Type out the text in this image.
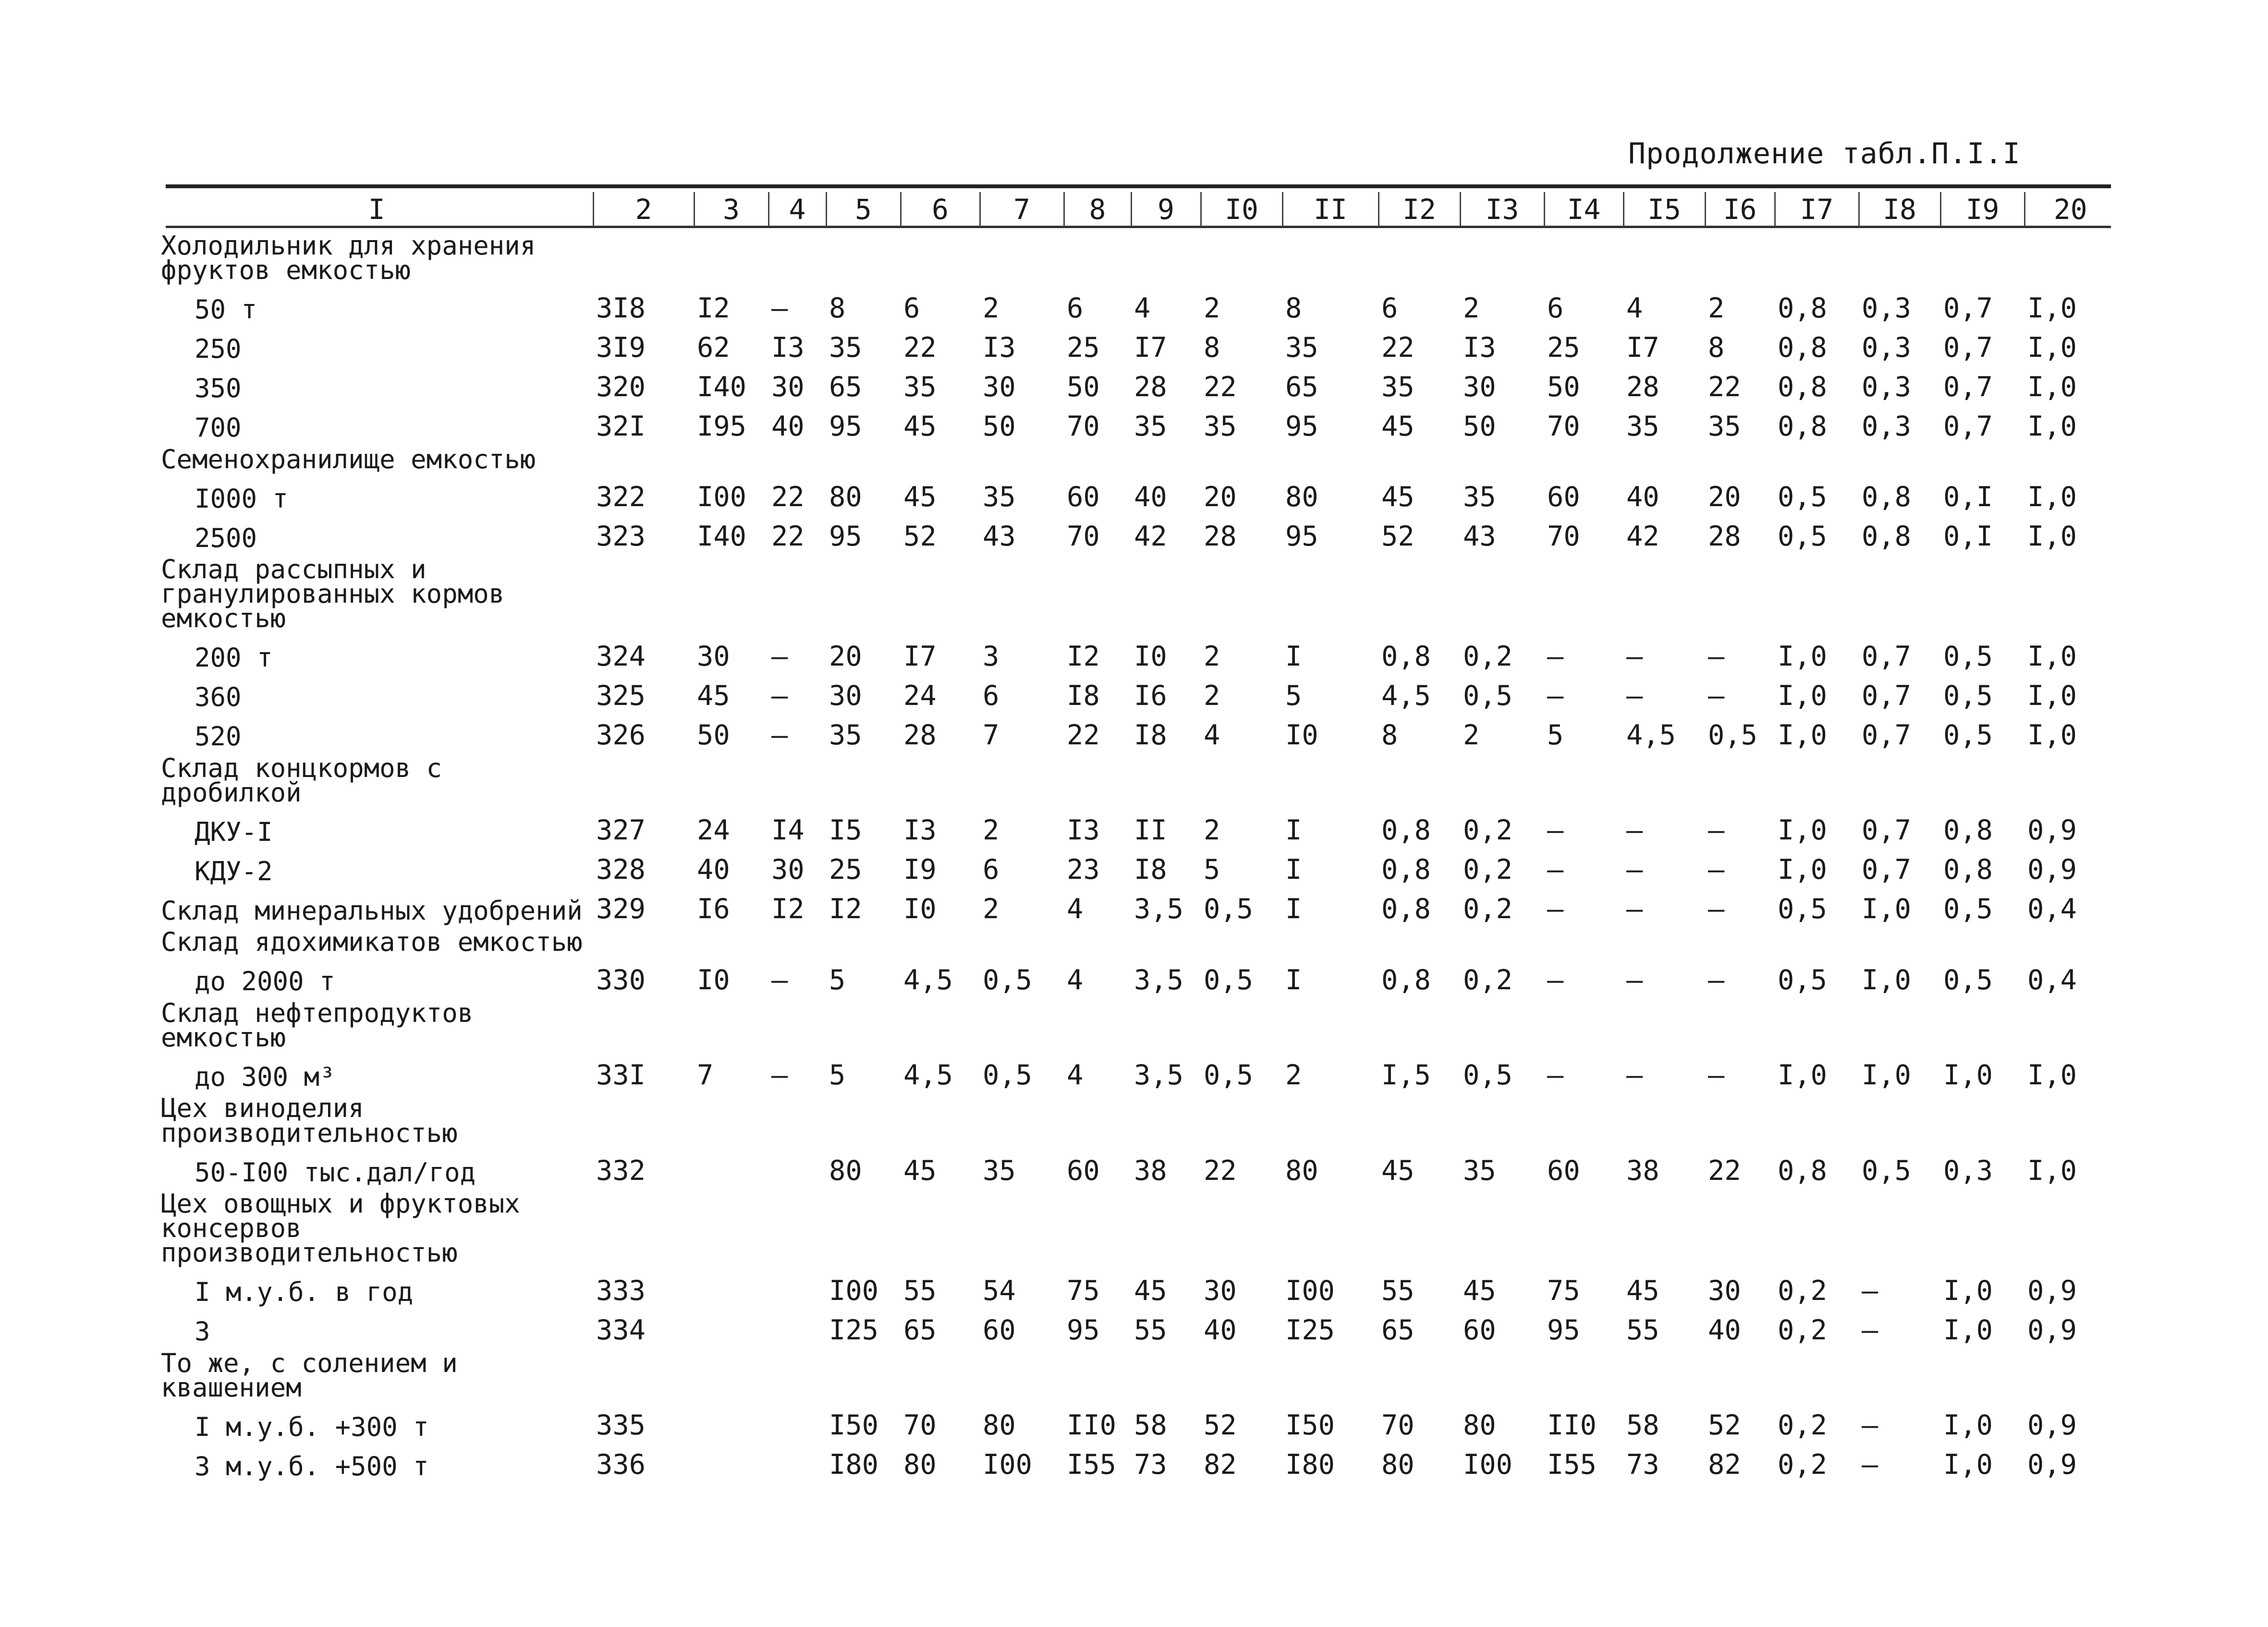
Продолжение табл.П.I.I
I	2	3	4	5	6	7	8	9	I0	II	I2	I3	I4	I5	I6	I7	I8	I9	20
Холодильник для хранения фруктов емкостью																			
50 т	3I8	I2	–	8	6	2	6	4	2	8	6	2	6	4	2	0,8	0,3	0,7	I,0
250	3I9	62	I3	35	22	I3	25	I7	8	35	22	I3	25	I7	8	0,8	0,3	0,7	I,0
350	320	I40	30	65	35	30	50	28	22	65	35	30	50	28	22	0,8	0,3	0,7	I,0
700	32I	I95	40	95	45	50	70	35	35	95	45	50	70	35	35	0,8	0,3	0,7	I,0
Семенохранилище емкостью																			
I000 т	322	I00	22	80	45	35	60	40	20	80	45	35	60	40	20	0,5	0,8	0,I	I,0
2500	323	I40	22	95	52	43	70	42	28	95	52	43	70	42	28	0,5	0,8	0,I	I,0
Склад рассыпных и гранулированных кормов емкостью																			
200 т	324	30	–	20	I7	3	I2	I0	2	I	0,8	0,2	–	–	–	I,0	0,7	0,5	I,0
360	325	45	–	30	24	6	I8	I6	2	5	4,5	0,5	–	–	–	I,0	0,7	0,5	I,0
520	326	50	–	35	28	7	22	I8	4	I0	8	2	5	4,5	0,5	I,0	0,7	0,5	I,0
Склад концкормов с дробилкой																			
ДКУ-I	327	24	I4	I5	I3	2	I3	II	2	I	0,8	0,2	–	–	–	I,0	0,7	0,8	0,9
КДУ-2	328	40	30	25	I9	6	23	I8	5	I	0,8	0,2	–	–	–	I,0	0,7	0,8	0,9
Склад минеральных удобрений	329	I6	I2	I2	I0	2	4	3,5	0,5	I	0,8	0,2	–	–	–	0,5	I,0	0,5	0,4
Склад ядохимикатов емкостью																			
до 2000 т	330	I0	–	5	4,5	0,5	4	3,5	0,5	I	0,8	0,2	–	–	–	0,5	I,0	0,5	0,4
Склад нефтепродуктов емкостью																			
до 300 м³	33I	7	–	5	4,5	0,5	4	3,5	0,5	2	I,5	0,5	–	–	–	I,0	I,0	I,0	I,0
Цех виноделия производительностью																			
50-I00 тыс.дал/год	332			80	45	35	60	38	22	80	45	35	60	38	22	0,8	0,5	0,3	I,0
Цех овощных и фруктовых консервов производительностью																			
I м.у.б. в год	333			I00	55	54	75	45	30	I00	55	45	75	45	30	0,2	–	I,0	0,9
3	334			I25	65	60	95	55	40	I25	65	60	95	55	40	0,2	–	I,0	0,9
То же, с солением и квашением																			
I м.у.б. +300 т	335			I50	70	80	II0	58	52	I50	70	80	II0	58	52	0,2	–	I,0	0,9
3 м.у.б. +500 т	336			I80	80	I00	I55	73	82	I80	80	I00	I55	73	82	0,2	–	I,0	0,9
